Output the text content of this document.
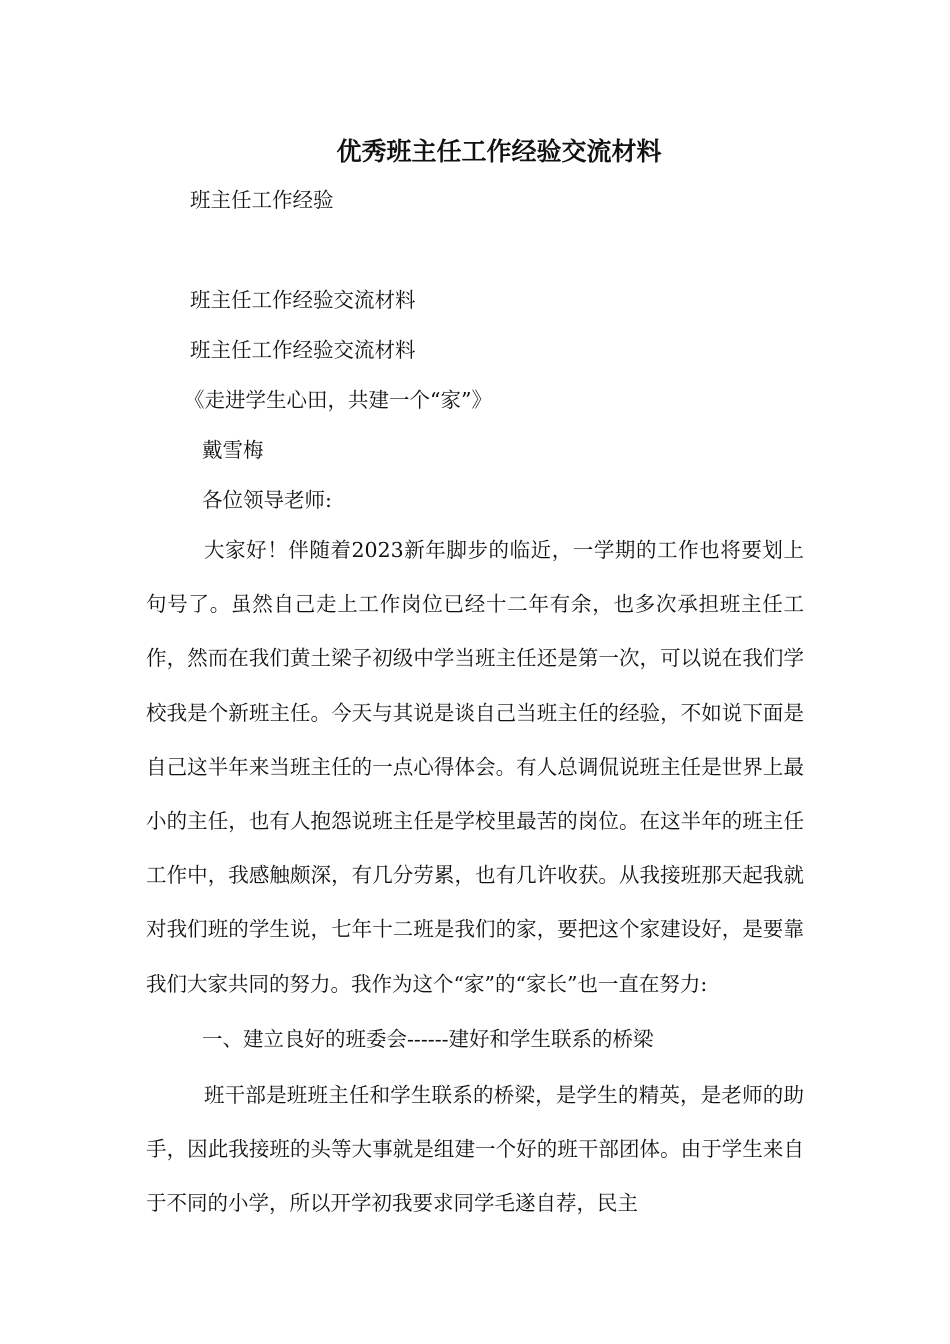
优秀班主任工作经验交流材料
班主任工作经验
班主任工作经验交流材料
班主任工作经验交流材料
《走进学生心田，共建一个“家”》
戴雪梅
各位领导老师:
大家好！伴随着2023新年脚步的临近，一学期的工作也将要划上句号了。虽然自己走上工作岗位已经十二年有余，也多次承担班主任工作，然而在我们黄土梁子初级中学当班主任还是第一次，可以说在我们学校我是个新班主任。今天与其说是谈自己当班主任的经验，不如说下面是自己这半年来当班主任的一点心得体会。有人总调侃说班主任是世界上最小的主任，也有人抱怨说班主任是学校里最苦的岗位。在这半年的班主任工作中，我感触颇深，有几分劳累，也有几许收获。从我接班那天起我就对我们班的学生说，七年十二班是我们的家，要把这个家建设好，是要靠我们大家共同的努力。我作为这个“家”的“家长”也一直在努力:
一、建立良好的班委会------建好和学生联系的桥梁
班干部是班班主任和学生联系的桥梁，是学生的精英，是老师的助手，因此我接班的头等大事就是组建一个好的班干部团体。由于学生来自于不同的小学，所以开学初我要求同学毛遂自荐，民主
